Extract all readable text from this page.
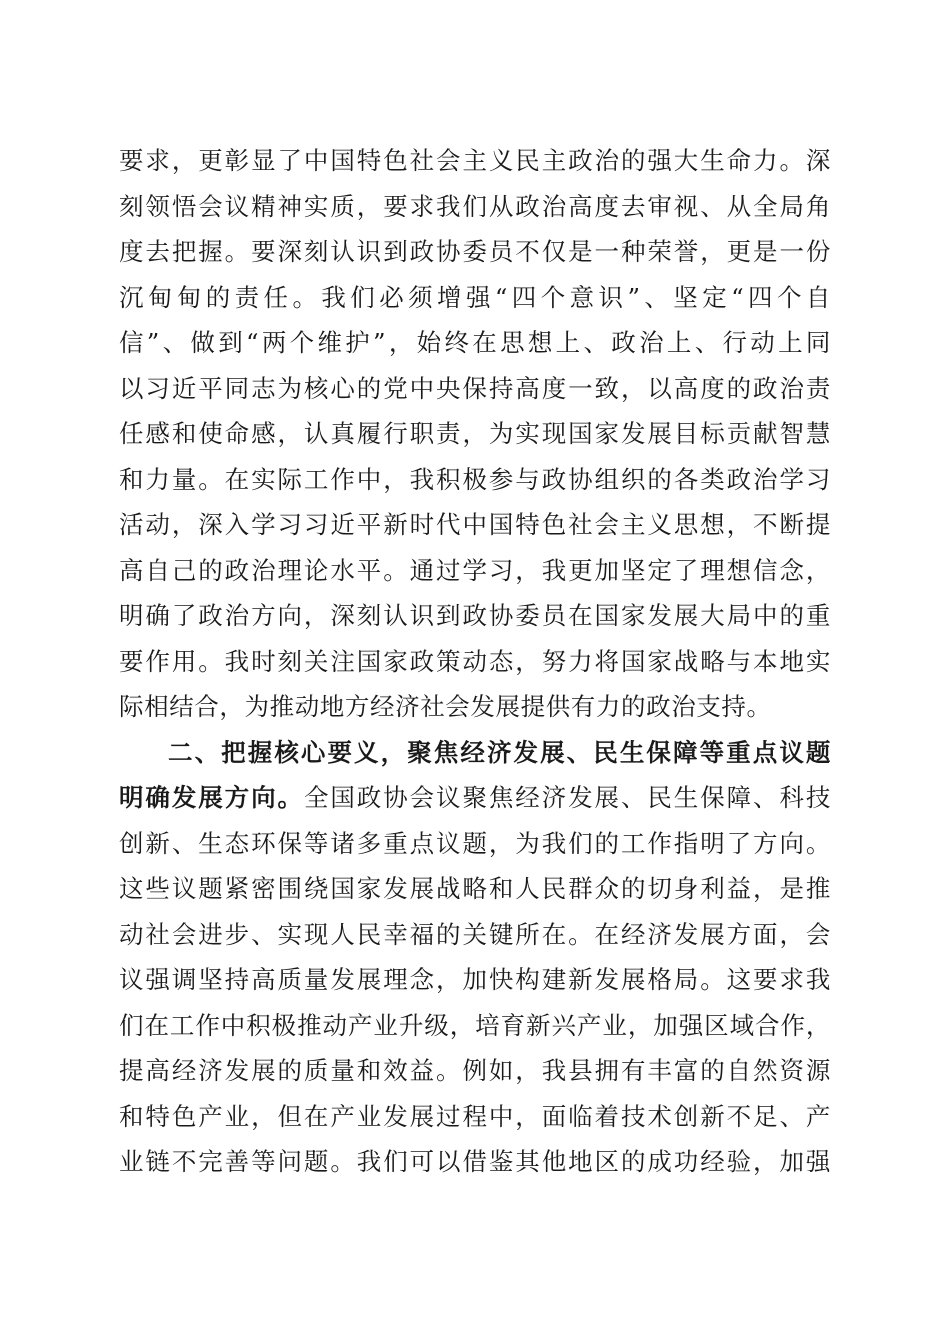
要求，更彰显了中国特色社会主义民主政治的强大生命力。深
刻领悟会议精神实质，要求我们从政治高度去审视、从全局角
度去把握。要深刻认识到政协委员不仅是一种荣誉，更是一份
沉甸甸的责任。我们必须增强“四个意识”、坚定“四个自
信”、做到“两个维护”，始终在思想上、政治上、行动上同
以习近平同志为核心的党中央保持高度一致，以高度的政治责
任感和使命感，认真履行职责，为实现国家发展目标贡献智慧
和力量。在实际工作中，我积极参与政协组织的各类政治学习
活动，深入学习习近平新时代中国特色社会主义思想，不断提
高自己的政治理论水平。通过学习，我更加坚定了理想信念，
明确了政治方向，深刻认识到政协委员在国家发展大局中的重
要作用。我时刻关注国家政策动态，努力将国家战略与本地实
际相结合，为推动地方经济社会发展提供有力的政治支持。
二、把握核心要义，聚焦经济发展、民生保障等重点议题
明确发展方向。全国政协会议聚焦经济发展、民生保障、科技
创新、生态环保等诸多重点议题，为我们的工作指明了方向。
这些议题紧密围绕国家发展战略和人民群众的切身利益，是推
动社会进步、实现人民幸福的关键所在。在经济发展方面，会
议强调坚持高质量发展理念，加快构建新发展格局。这要求我
们在工作中积极推动产业升级，培育新兴产业，加强区域合作，
提高经济发展的质量和效益。例如，我县拥有丰富的自然资源
和特色产业，但在产业发展过程中，面临着技术创新不足、产
业链不完善等问题。我们可以借鉴其他地区的成功经验，加强
